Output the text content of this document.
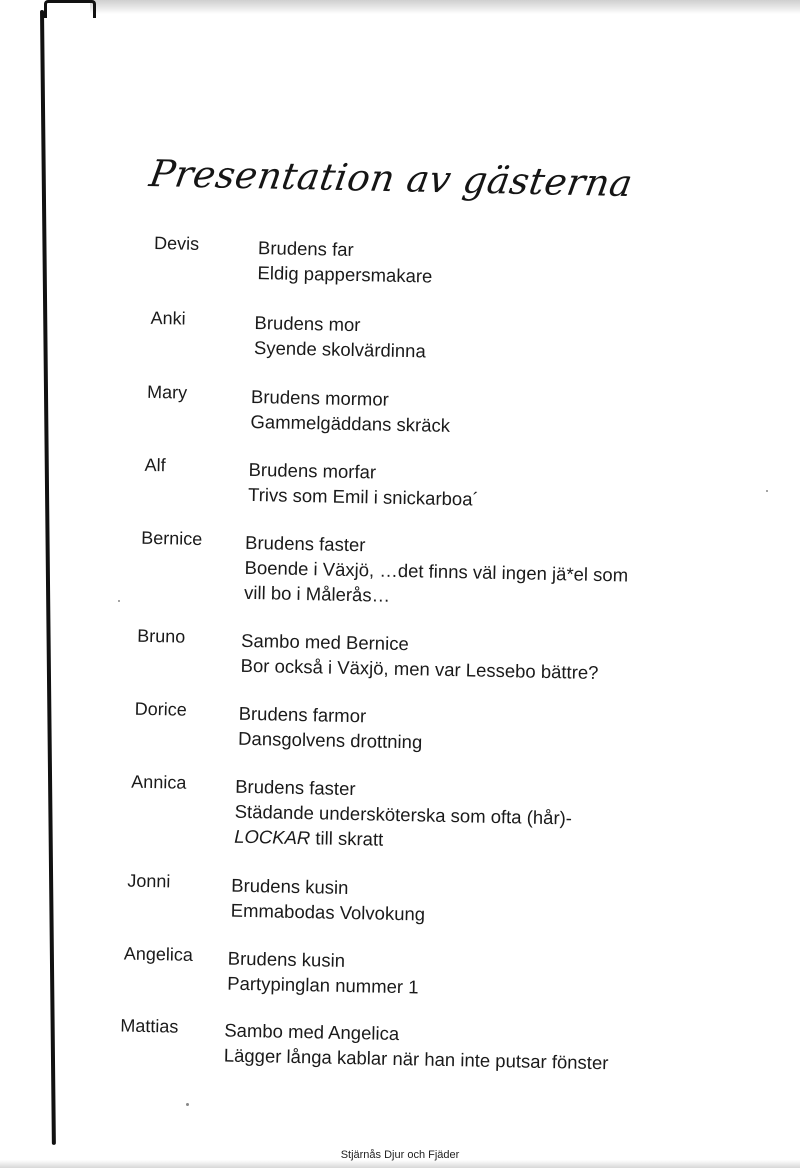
Presentation av gästerna
Devis	Brudens far
Eldig pappersmakare
Anki	Brudens mor
Syende skolvärdinna
Mary	Brudens mormor
Gammelgäddans skräck
Alf	Brudens morfar
Trivs som Emil i snickarboa´
Bernice Brudens faster
Boende i Växjö, …det finns väl ingen jä*el som
vill bo i Målerås…
Bruno	Sambo med Bernice
Bor också i Växjö, men var Lessebo bättre?
Dorice	Brudens farmor
Dansgolvens drottning
Annica	Brudens faster
Städande undersköterska som ofta (hår)-
LOCKAR till skratt
Jonni	Brudens kusin
Emmabodas Volvokung
Angelica Brudens kusin
Partypinglan nummer 1
Mattias Sambo med Angelica
Lägger långa kablar när han inte putsar fönster
Stjärnås Djur och Fjäder
